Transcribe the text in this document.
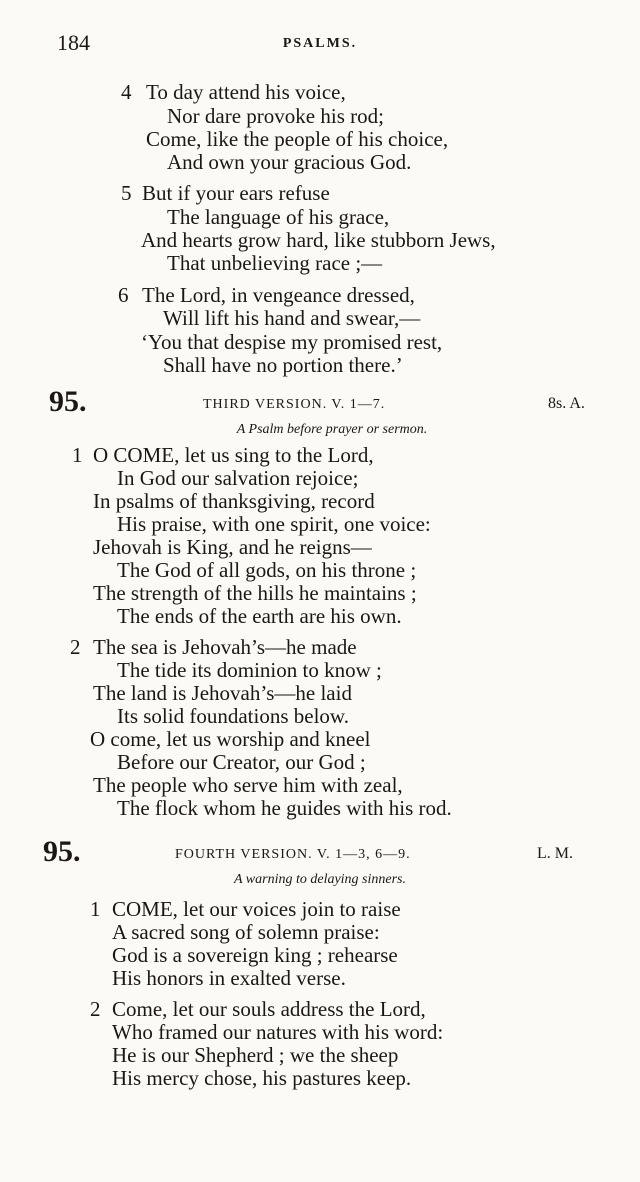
184	PSALMS.
4 To day attend his voice,
Nor dare provoke his rod;
Come, like the people of his choice,
And own your gracious God.
5 But if your ears refuse
The language of his grace,
And hearts grow hard, like stubborn Jews,
That unbelieving race ;—
6 The Lord, in vengeance dressed,
Will lift his hand and swear,—
‘You that despise my promised rest,
Shall have no portion there.’
95.	THIRD VERSION. V. 1—7.	8s. A.
A Psalm before prayer or sermon.
1 O COME, let us sing to the Lord,
In God our salvation rejoice;
In psalms of thanksgiving, record
His praise, with one spirit, one voice:
Jehovah is King, and he reigns—
The God of all gods, on his throne ;
The strength of the hills he maintains ;
The ends of the earth are his own.
2 The sea is Jehovah’s—he made
The tide its dominion to know ;
The land is Jehovah’s—he laid
Its solid foundations below.
O come, let us worship and kneel
Before our Creator, our God ;
The people who serve him with zeal,
The flock whom he guides with his rod.
95.	FOURTH VERSION. V. 1—3, 6—9.	L. M.
A warning to delaying sinners.
1 COME, let our voices join to raise
A sacred song of solemn praise:
God is a sovereign king ; rehearse
His honors in exalted verse.
2 Come, let our souls address the Lord,
Who framed our natures with his word:
He is our Shepherd ; we the sheep
His mercy chose, his pastures keep.
